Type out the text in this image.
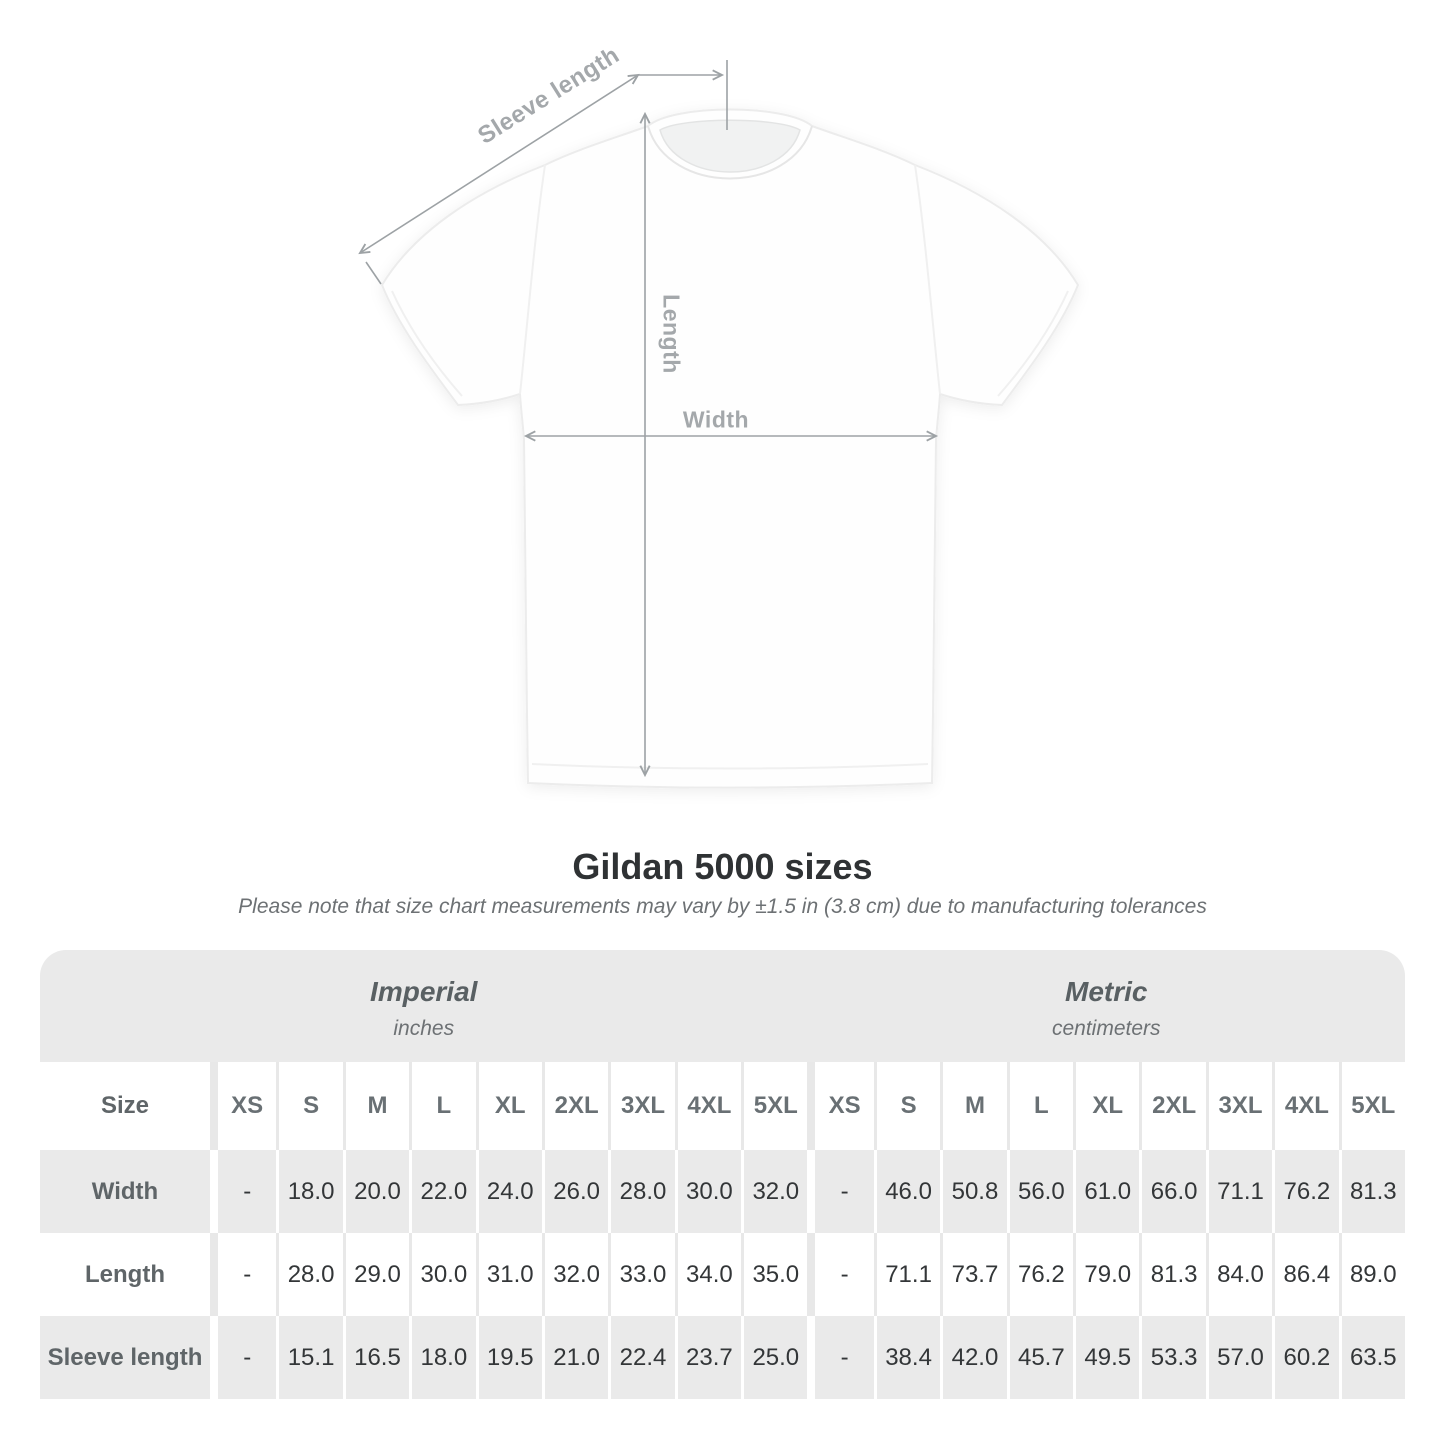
Sleeve length
Length
Width
Gildan 5000 sizes

Please note that size chart measurements may vary by ±1.5 in (3.8 cm) due to manufacturing tolerances

Imperial
inches
Metric
centimeters
Size	XS	S	M	L	XL	2XL 3XL 4XL 5XL	XS	S	M	L	XL	2XL 3XL 4XL 5XL
Width	-	18.0 20.0 22.0 24.0 26.0 28.0 30.0 32.0	-	46.0 50.8 56.0 61.0 66.0 71.1 76.2 81.3
Length	-	28.0 29.0 30.0 31.0 32.0 33.0 34.0 35.0	-	71.1 73.7 76.2 79.0 81.3 84.0 86.4 89.0
Sleeve length	-	15.1 16.5 18.0 19.5 21.0 22.4 23.7 25.0	-	38.4 42.0 45.7 49.5 53.3 57.0 60.2 63.5
